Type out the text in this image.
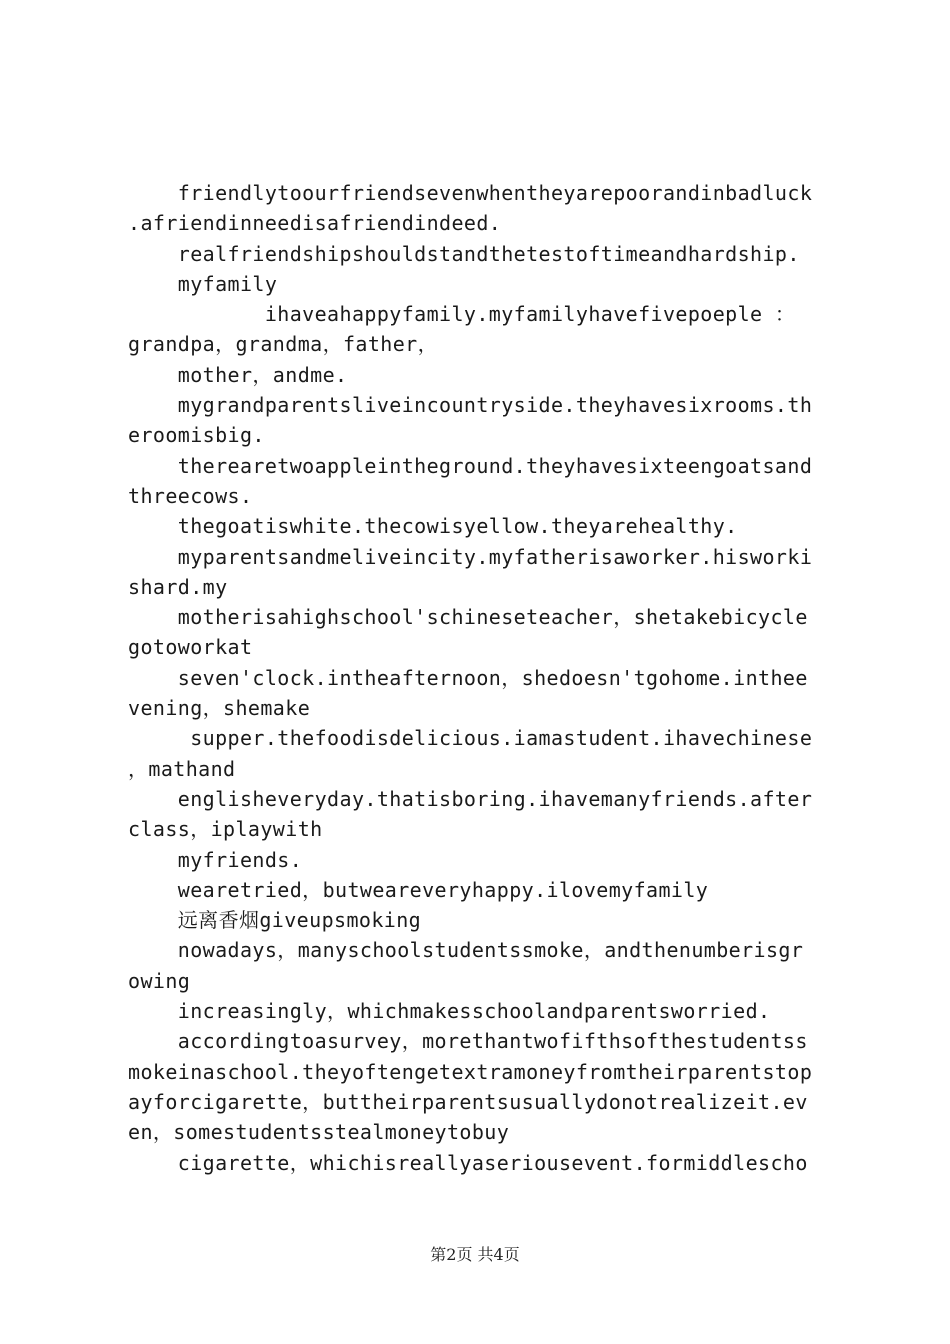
friendlytoourfriendsevenwhentheyarepoorandinbadluck
.afriendinneedisafriendindeed.
realfriendshipshouldstandthetestoftimeandhardship.
myfamily
ihaveahappyfamily.myfamilyhavefivepoeple ：
grandpa，grandma，father，
mother，andme.
mygrandparentsliveincountryside.theyhavesixrooms.th
eroomisbig.
therearetwoappleintheground.theyhavesixteengoatsand
threecows.
thegoatiswhite.thecowisyellow.theyarehealthy.
myparentsandmeliveincity.myfatherisaworker.hisworki
shard.my
motherisahighschool'schineseteacher，shetakebicycle
gotoworkat
seven'clock.intheafternoon，shedoesn'tgohome.inthee
vening，shemake
supper.thefoodisdelicious.iamastudent.ihavechinese
，mathand
englisheveryday.thatisboring.ihavemanyfriends.after
class，iplaywith
myfriends.
wearetried，butweareveryhappy.ilovemyfamily
远离香烟giveupsmoking
nowadays，manyschoolstudentssmoke，andthenumberisgr
owing
increasingly，whichmakesschoolandparentsworried.
accordingtoasurvey，morethantwofifthsofthestudentss
mokeinaschool.theyoftengetextramoneyfromtheirparentstop
ayforcigarette，buttheirparentsusuallydonotrealizeit.ev
en，somestudentsstealmoneytobuy
cigarette，whichisreallyaseriousevent.formiddlescho
第2页 共4页
